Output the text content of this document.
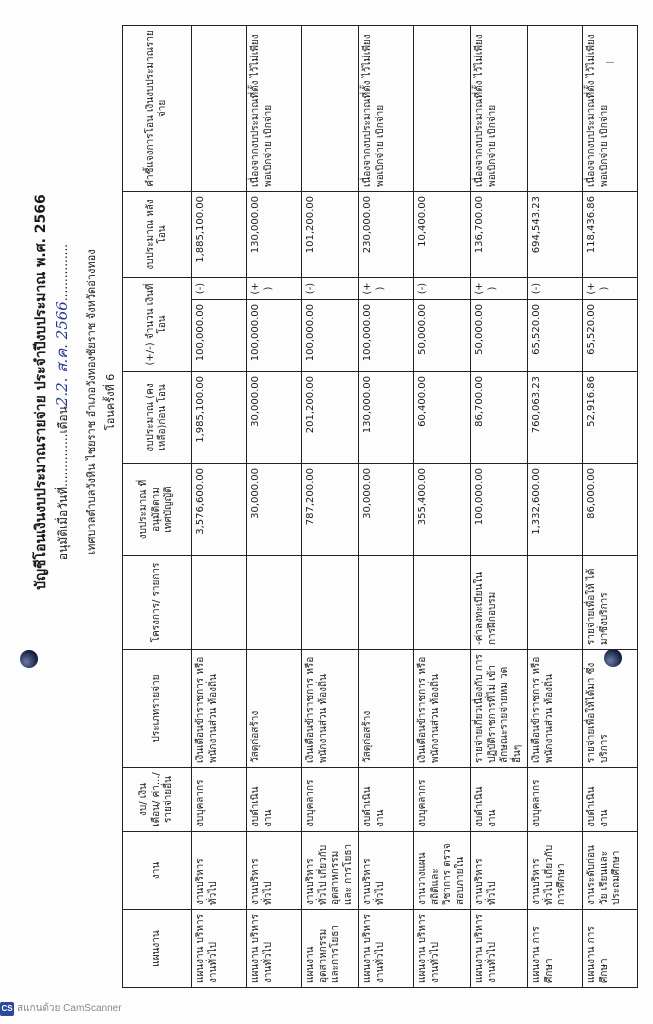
บัญชีโอนเงินงบประมาณรายจ่าย ประจำปีงบประมาณ พ.ศ. 2566 อนุมัติเมื่อวันที่..............เดือน2.2. ส.ค. 2566...............	เทศบาลตำบลวังหิน ไชยราช อำเภอวังทองชัยราช จังหวัดอ่างทอง โอนครั้งที่ 6
แผนงาน	งาน	งบ/ เงินเดือน/ ค่า.../ รายจ่ายอื่น	ประเภทรายจ่าย	โครงการ/ รายการ	งบประมาณ ที่อนุมัติตาม เทศบัญญัติ	งบประมาณ (คงเหลือ)ก่อน โอน	(+/-) จำนวน เงินที่โอน		งบประมาณ หลังโอน	คำชี้แจงการโอน เงินงบประมาณรายจ่าย
แผนงาน บริหารงานทั่วไป	งานบริหารทั่วไป	งบบุคลากร	เงินเดือนข้าราชการ หรือพนักงานส่วน ท้องถิ่น		3,576,600.00	1,985,100.00	100,000.00	(-)	1,885,100.00	
แผนงาน บริหารงานทั่วไป	งานบริหารทั่วไป	งบดำเนินงาน	วัสดุก่อสร้าง		30,000.00	30,000.00	100,000.00	(+)	130,000.00	เนื่องจากงบประมาณที่ตั้ง ไว้ไม่เพียงพอเบิกจ่าย เบิกจ่าย
แผนงาน อุตสาหกรรม และการโยธา	งานบริหารทั่วไป เกี่ยวกับ อุตสาหกรรมและ การโยธา	งบบุคลากร	เงินเดือนข้าราชการ หรือพนักงานส่วน ท้องถิ่น		787,200.00	201,200.00	100,000.00	(-)	101,200.00	
แผนงาน บริหารงานทั่วไป	งานบริหารทั่วไป	งบดำเนินงาน	วัสดุก่อสร้าง		30,000.00	130,000.00	100,000.00	(+)	230,000.00	เนื่องจากงบประมาณที่ตั้ง ไว้ไม่เพียงพอเบิกจ่าย เบิกจ่าย
แผนงาน บริหารงานทั่วไป	งานวางแผน สถิติและวิชาการ ตรวจสอบภายใน	งบบุคลากร	เงินเดือนข้าราชการ หรือพนักงานส่วน ท้องถิ่น		355,400.00	60,400.00	50,000.00	(-)	10,400.00	
แผนงาน บริหารงานทั่วไป	งานบริหารทั่วไป	งบดำเนินงาน	รายจ่ายเกี่ยวเนื่องกับ การปฏิบัติราชการที่ไม่ เข้าลักษณะรายจ่ายหม วดอื่นๆ	-ค่าลงทะเบียนใน การฝึกอบรม	100,000.00	86,700.00	50,000.00	(+)	136,700.00	เนื่องจากงบประมาณที่ตั้ง ไว้ไม่เพียงพอเบิกจ่าย เบิกจ่าย
แผนงาน การศึกษา	งานบริหารทั่วไป เกี่ยวกับการศึกษา	งบบุคลากร	เงินเดือนข้าราชการ หรือพนักงานส่วน ท้องถิ่น		1,332,600.00	760,063.23	65,520.00	(-)	694,543.23	
แผนงาน การศึกษา	งานระดับก่อนวัย เรียนและ ประถมศึกษา	งบดำเนินงาน	รายจ่ายเพื่อให้ได้มา ซึ่งบริการ	รายจ่ายเพื่อให้ ได้มาซึ่งบริการ	86,000.00	52,916.86	65,520.00	(+)	118,436.86	เนื่องจากงบประมาณที่ตั้ง ไว้ไม่เพียงพอเบิกจ่าย เบิกจ่าย
CS สแกนด้วย CamScanner
